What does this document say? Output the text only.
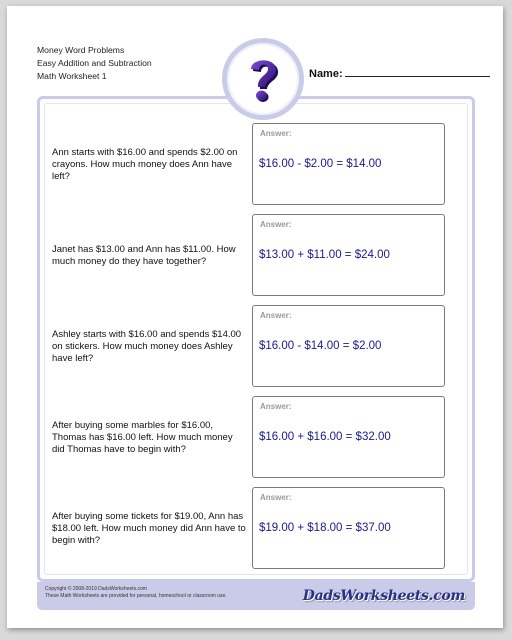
Money Word Problems
Easy Addition and Subtraction
Math Worksheet 1	Name:
Ann starts with $16.00 and spends $2.00 on crayons. How much money does Ann have left?
Answer:
$16.00 - $2.00 = $14.00
Janet has $13.00 and Ann has $11.00. How much money do they have together?
Answer:
$13.00 + $11.00 = $24.00
Ashley starts with $16.00 and spends $14.00 on stickers. How much money does Ashley have left?
Answer:
$16.00 - $14.00 = $2.00
After buying some marbles for $16.00, Thomas has $16.00 left. How much money did Thomas have to begin with?
Answer:
$16.00 + $16.00 = $32.00
After buying some tickets for $19.00, Ann has $18.00 left. How much money did Ann have to begin with?
Answer:
$19.00 + $18.00 = $37.00
Copyright © 2008-2019 DadsWorksheets.com
These Math Worksheets are provided for personal, homeschool or classroom use.	DadsWorksheets.com
